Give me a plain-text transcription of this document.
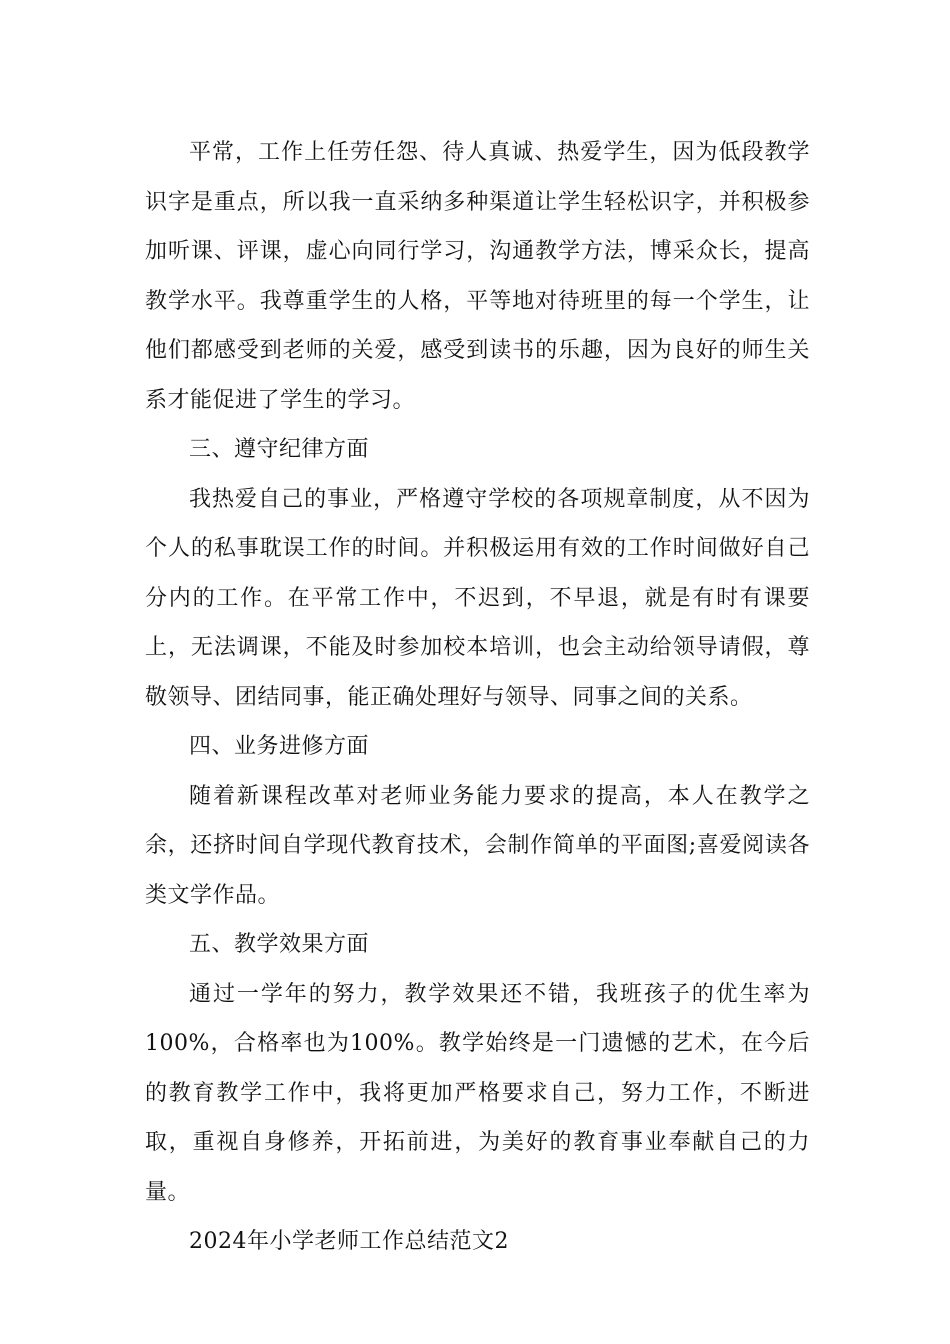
平常，工作上任劳任怨、待人真诚、热爱学生，因为低段教学识字是重点，所以我一直采纳多种渠道让学生轻松识字，并积极参加听课、评课，虚心向同行学习，沟通教学方法，博采众长，提高教学水平。我尊重学生的人格，平等地对待班里的每一个学生，让他们都感受到老师的关爱，感受到读书的乐趣，因为良好的师生关系才能促进了学生的学习。

三、遵守纪律方面

我热爱自己的事业，严格遵守学校的各项规章制度，从不因为个人的私事耽误工作的时间。并积极运用有效的工作时间做好自己分内的工作。在平常工作中，不迟到，不早退，就是有时有课要上，无法调课，不能及时参加校本培训，也会主动给领导请假，尊敬领导、团结同事，能正确处理好与领导、同事之间的关系。

四、业务进修方面

随着新课程改革对老师业务能力要求的提高，本人在教学之余，还挤时间自学现代教育技术，会制作简单的平面图;喜爱阅读各类文学作品。

五、教学效果方面

通过一学年的努力，教学效果还不错，我班孩子的优生率为100%，合格率也为100%。教学始终是一门遗憾的艺术，在今后的教育教学工作中，我将更加严格要求自己，努力工作，不断进取，重视自身修养，开拓前进，为美好的教育事业奉献自己的力量。

2024年小学老师工作总结范文2
